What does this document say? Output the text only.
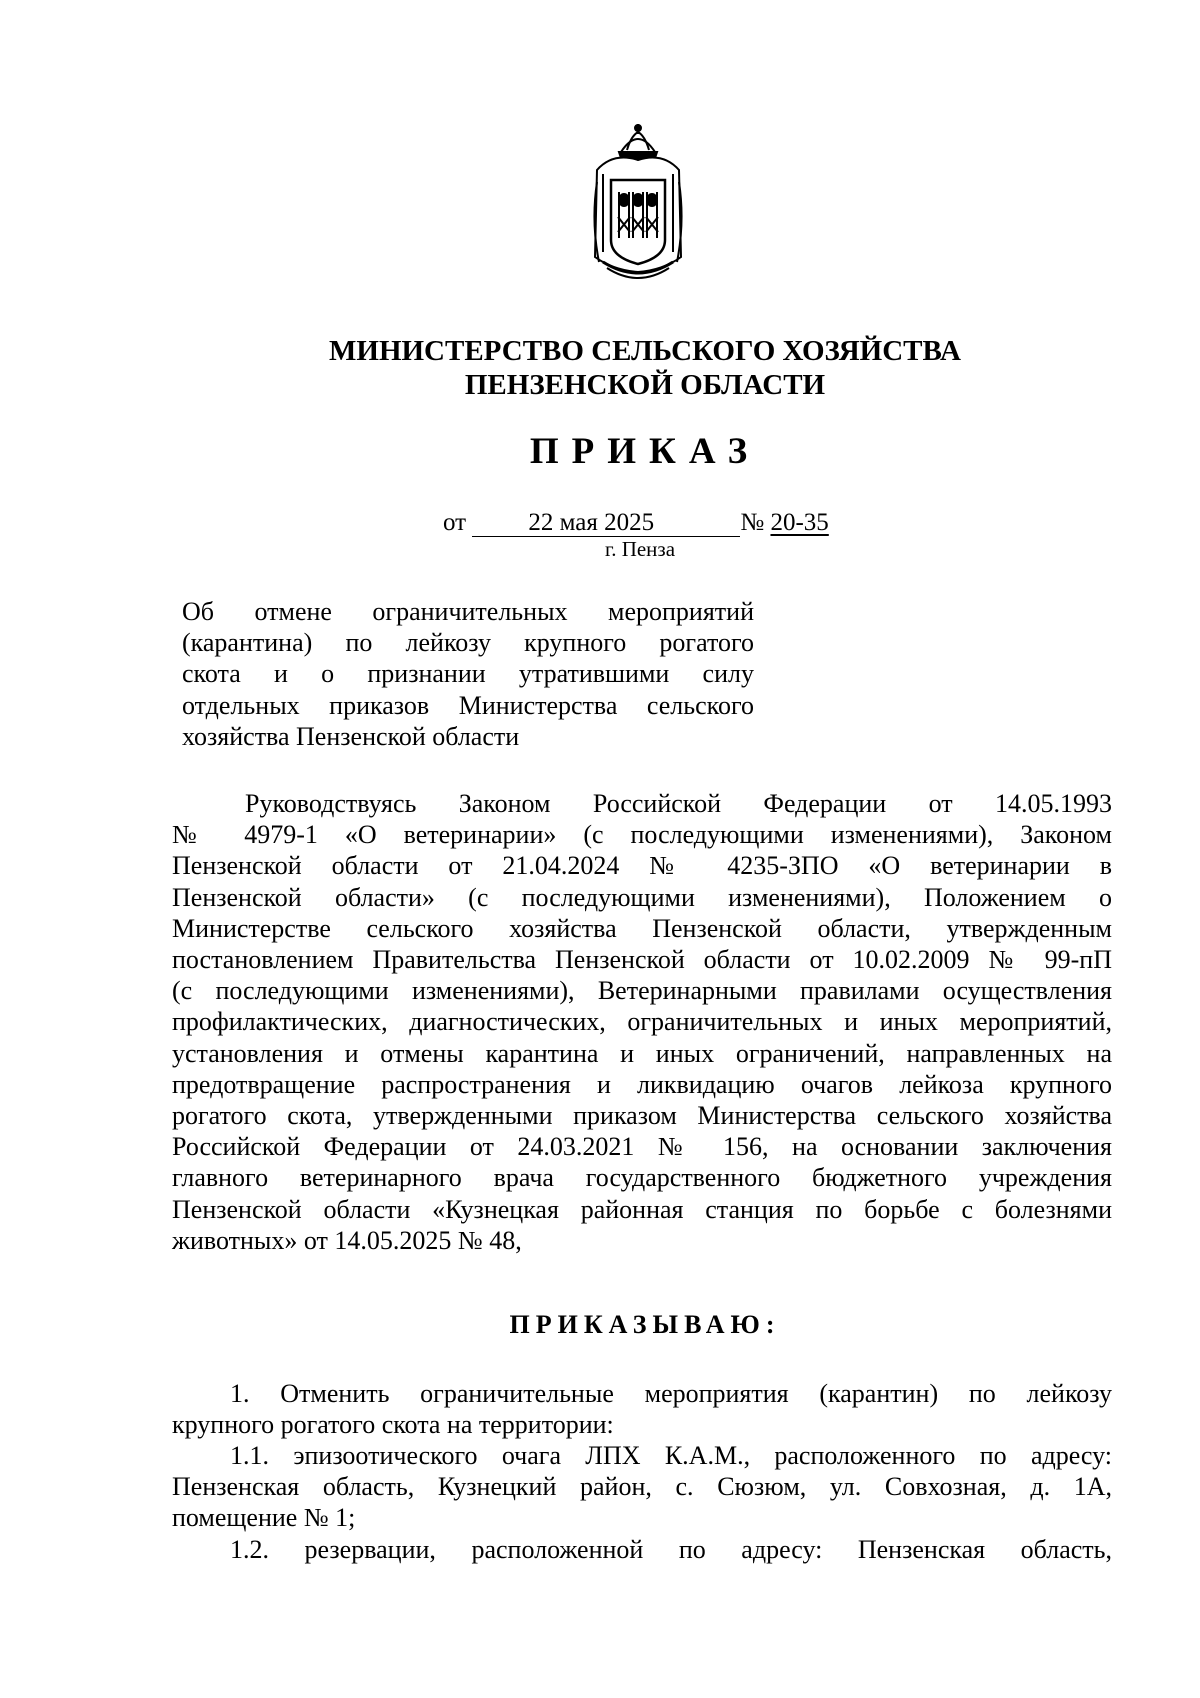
МИНИСТЕРСТВО СЕЛЬСКОГО ХОЗЯЙСТВА
ПЕНЗЕНСКОЙ ОБЛАСТИ
ПРИКАЗ
от 22 мая 2025	№ 20-35
г. Пенза
Об отмене ограничительных мероприятий
(карантина) по лейкозу крупного рогатого
скота и о признании утратившими силу
отдельных приказов Министерства сельского
хозяйства Пензенской области
Руководствуясь Законом Российской Федерации от 14.05.1993
№ 4979-1 «О ветеринарии» (с последующими изменениями), Законом
Пензенской области от 21.04.2024 № 4235-ЗПО «О ветеринарии в
Пензенской области» (с последующими изменениями), Положением о
Министерстве сельского хозяйства Пензенской области, утвержденным
постановлением Правительства Пензенской области от 10.02.2009 № 99-пП
(с последующими изменениями), Ветеринарными правилами осуществления
профилактических, диагностических, ограничительных и иных мероприятий,
установления и отмены карантина и иных ограничений, направленных на
предотвращение распространения и ликвидацию очагов лейкоза крупного
рогатого скота, утвержденными приказом Министерства сельского хозяйства
Российской Федерации от 24.03.2021 № 156, на основании заключения
главного ветеринарного врача государственного бюджетного учреждения
Пензенской области «Кузнецкая районная станция по борьбе с болезнями
животных» от 14.05.2025 № 48,
ПРИКАЗЫВАЮ:
1. Отменить ограничительные мероприятия (карантин) по лейкозу
крупного рогатого скота на территории:
1.1. эпизоотического очага ЛПХ К.А.М., расположенного по адресу:
Пензенская область, Кузнецкий район, с. Сюзюм, ул. Совхозная, д. 1А,
помещение № 1;
1.2. резервации, расположенной по адресу: Пензенская область,
